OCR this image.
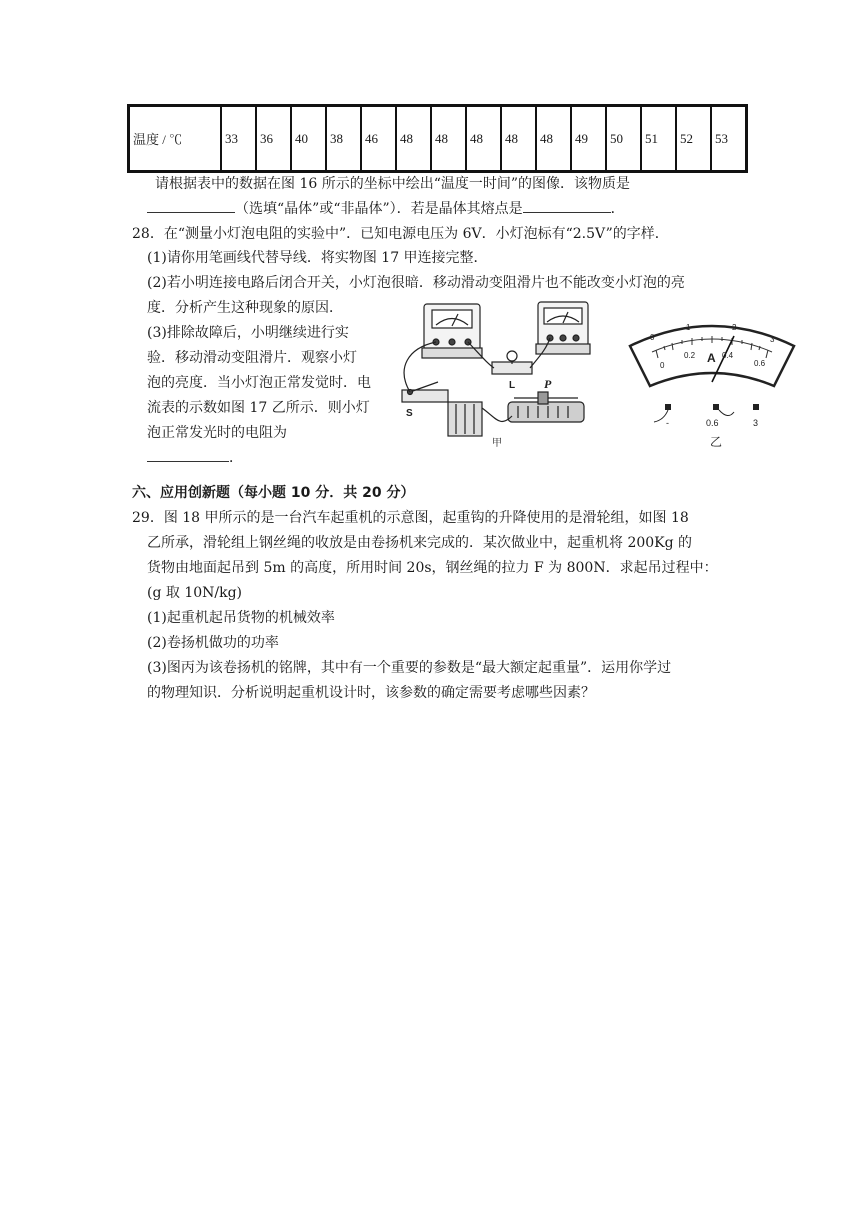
温度 / ℃	33	36	40	38	46	48	48	48	48	48	49	50	51	52	53
请根据表中的数据在图 16 所示的坐标中绘出“温度一时间”的图像．该物质是
（选填“晶体”或“非晶体”）．若是晶体其熔点是	．
28．在“测量小灯泡电阻的实验中”．已知电源电压为 6V．小灯泡标有“2.5V”的字样．
(1)请你用笔画线代替导线．将实物图 17 甲连接完整．
(2)若小明连接电路后闭合开关，小灯泡很暗．移动滑动变阻滑片也不能改变小灯泡的亮
度．分析产生这种现象的原因．
(3)排除故障后，小明继续进行实
验．移动滑动变阻滑片．观察小灯
泡的亮度．当小灯泡正常发觉时．电
流表的示数如图 17 乙所示．则小灯
泡正常发光时的电阻为
．
S
L P
甲
0
1	2
3
0
0.2	0.4
0.6
A
-	0.6	3
乙
六、应用创新题（每小题 10 分．共 20 分）
29．图 18 甲所示的是一台汽车起重机的示意图，起重钩的升降使用的是滑轮组，如图 18
乙所承，滑轮组上钢丝绳的收放是由卷扬机来完成的．某次做业中，起重机将 200Kg 的
货物由地面起吊到 5m 的高度，所用时间 20s，钢丝绳的拉力 F 为 800N．求起吊过程中：
(g 取 10N/kg)
(1)起重机起吊货物的机械效率
(2)卷扬机做功的功率
(3)图丙为该卷扬机的铭牌，其中有一个重要的参数是“最大额定起重量”．运用你学过
的物理知识．分析说明起重机设计时，该参数的确定需要考虑哪些因素？
